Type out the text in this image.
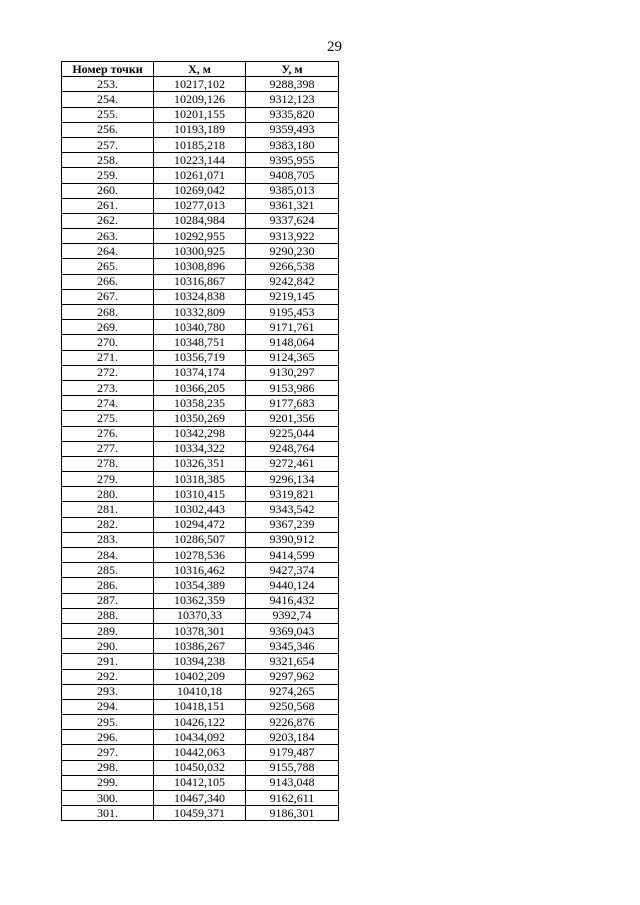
29
Номер точки	Х, м	У, м
253.	10217,102	9288,398
254.	10209,126	9312,123
255.	10201,155	9335,820
256.	10193,189	9359,493
257.	10185,218	9383,180
258.	10223,144	9395,955
259.	10261,071	9408,705
260.	10269,042	9385,013
261.	10277,013	9361,321
262.	10284,984	9337,624
263.	10292,955	9313,922
264.	10300,925	9290,230
265.	10308,896	9266,538
266.	10316,867	9242,842
267.	10324,838	9219,145
268.	10332,809	9195,453
269.	10340,780	9171,761
270.	10348,751	9148,064
271.	10356,719	9124,365
272.	10374,174	9130,297
273.	10366,205	9153,986
274.	10358,235	9177,683
275.	10350,269	9201,356
276.	10342,298	9225,044
277.	10334,322	9248,764
278.	10326,351	9272,461
279.	10318,385	9296,134
280.	10310,415	9319,821
281.	10302,443	9343,542
282.	10294,472	9367,239
283.	10286,507	9390,912
284.	10278,536	9414,599
285.	10316,462	9427,374
286.	10354,389	9440,124
287.	10362,359	9416,432
288.	10370,33	9392,74
289.	10378,301	9369,043
290.	10386,267	9345,346
291.	10394,238	9321,654
292.	10402,209	9297,962
293.	10410,18	9274,265
294.	10418,151	9250,568
295.	10426,122	9226,876
296.	10434,092	9203,184
297.	10442,063	9179,487
298.	10450,032	9155,788
299.	10412,105	9143,048
300.	10467,340	9162,611
301.	10459,371	9186,301
